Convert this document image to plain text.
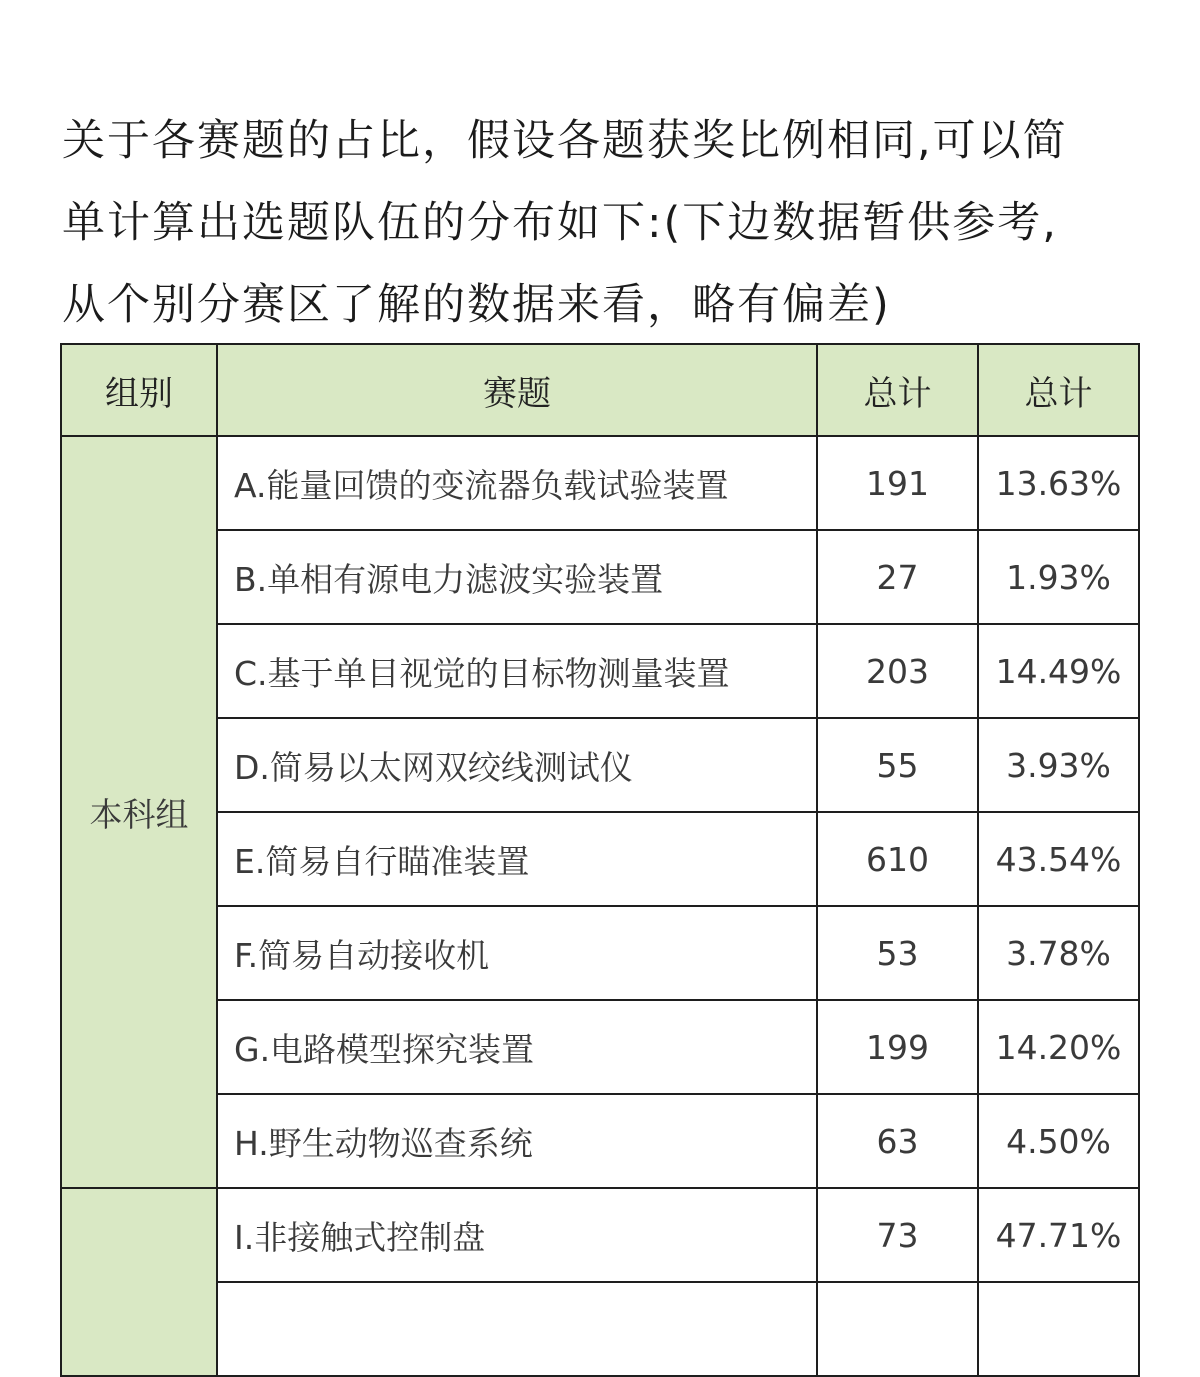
关于各赛题的占比，假设各题获奖比例相同,可以简
单计算出选题队伍的分布如下:(下边数据暂供参考,
从个别分赛区了解的数据来看，略有偏差)
组别	赛题	总计	总计
本科组	A.能量回馈的变流器负载试验装置	191	13.63%
	B.单相有源电力滤波实验装置	27	1.93%
	C.基于单目视觉的目标物测量装置	203	14.49%
	D.简易以太网双绞线测试仪	55	3.93%
	E.简易自行瞄准装置	610	43.54%
	F.简易自动接收机	53	3.78%
	G.电路模型探究装置	199	14.20%
	H.野生动物巡查系统	63	4.50%
	I.非接触式控制盘	73	47.71%
